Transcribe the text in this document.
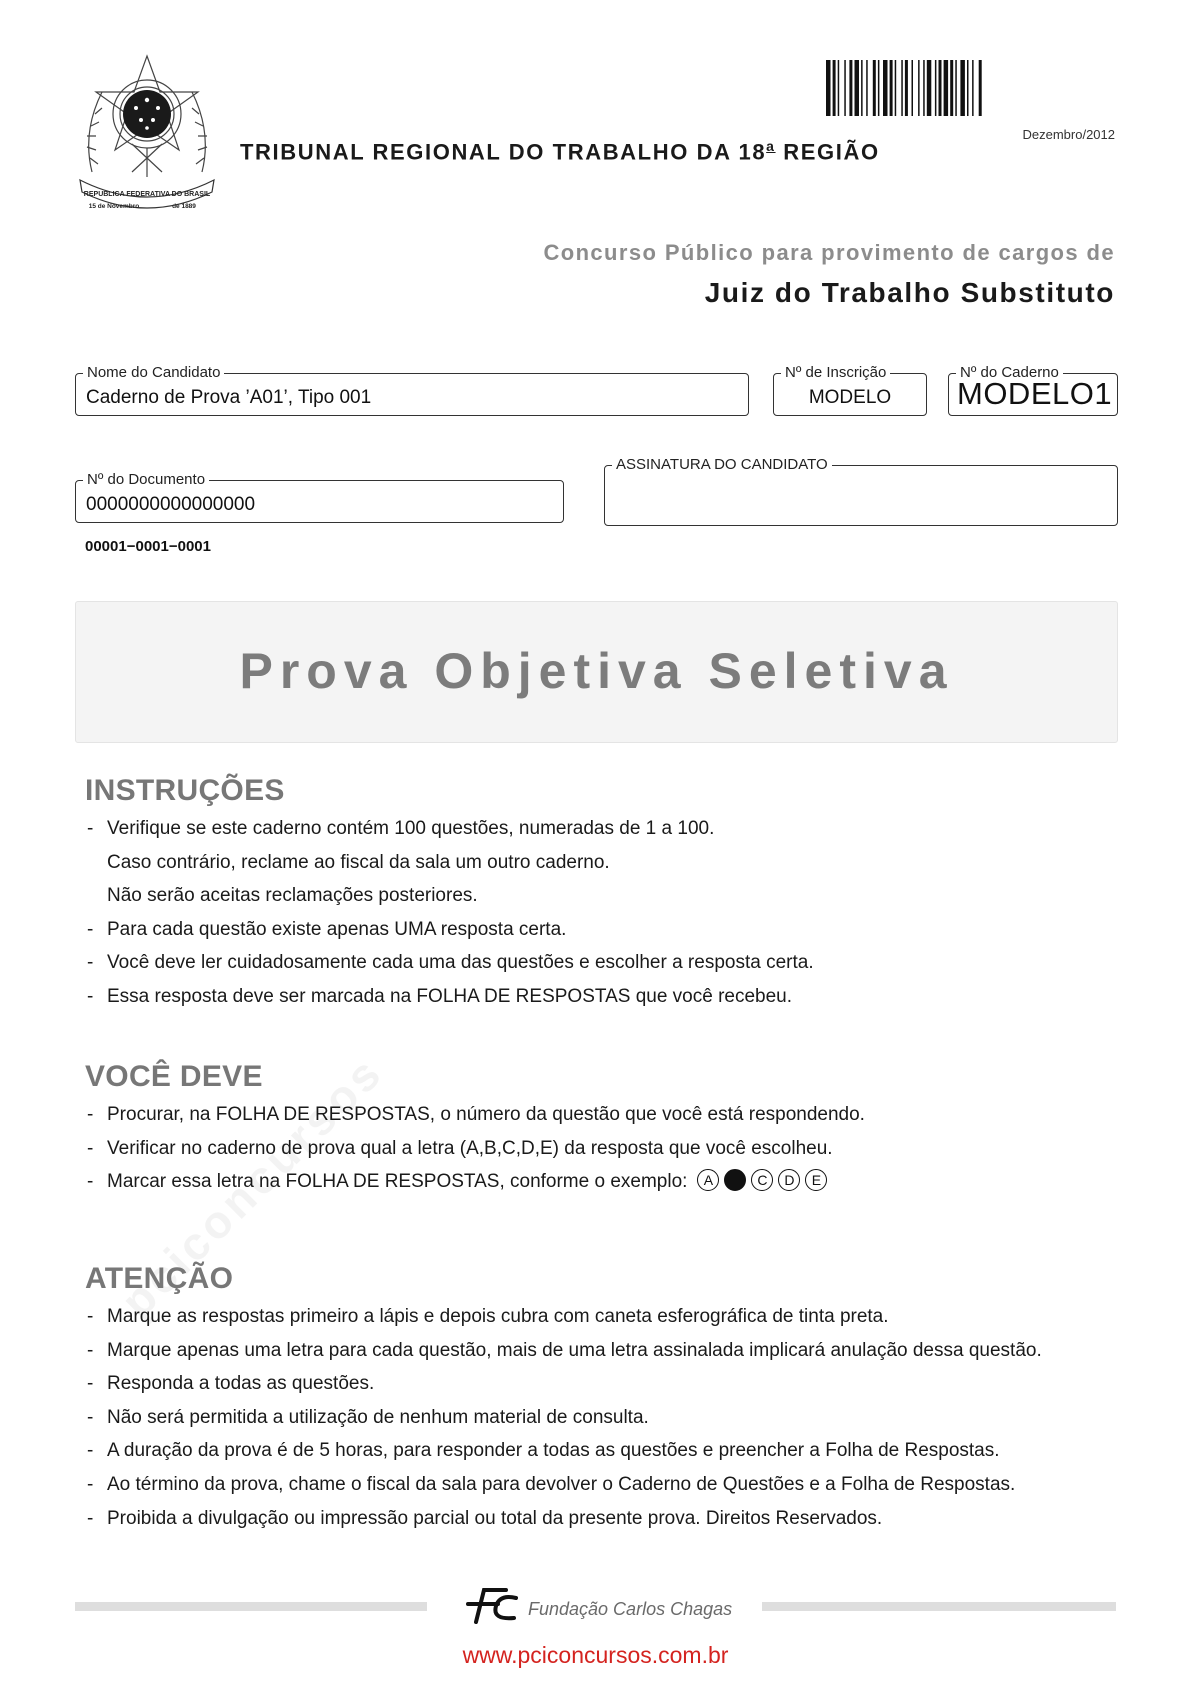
REPUBLICA FEDERATIVA DO BRASIL
15 de Novembro	de 1889
Dezembro/2012
TRIBUNAL REGIONAL DO TRABALHO DA 18$^a$ REGIÃO
Concurso Público para provimento de cargos de
Juiz do Trabalho Substituto
Nome do Candidato
Caderno de Prova ’A01’, Tipo 001
Nº de Inscrição
MODELO
Nº do Caderno
MODELO1
Nº do Documento
0000000000000000
ASSINATURA DO CANDIDATO
00001−0001−0001
Prova Objetiva Seletiva
INSTRUÇÕES
- Verifique se este caderno contém 100 questões, numeradas de 1 a 100.
Caso contrário, reclame ao fiscal da sala um outro caderno.
Não serão aceitas reclamações posteriores.
- Para cada questão existe apenas UMA resposta certa.
- Você deve ler cuidadosamente cada uma das questões e escolher a resposta certa.
- Essa resposta deve ser marcada na FOLHA DE RESPOSTAS que você recebeu.
VOCÊ DEVE
- Procurar, na FOLHA DE RESPOSTAS, o número da questão que você está respondendo.
- Verificar no caderno de prova qual a letra (A,B,C,D,E) da resposta que você escolheu.
- Marcar essa letra na FOLHA DE RESPOSTAS, conforme o exemplo:	A	C	D	E
ATENÇÃO
- Marque as respostas primeiro a lápis e depois cubra com caneta esferográfica de tinta preta.
- Marque apenas uma letra para cada questão, mais de uma letra assinalada implicará anulação dessa questão.
- Responda a todas as questões.
- Não será permitida a utilização de nenhum material de consulta.
- A duração da prova é de 5 horas, para responder a todas as questões e preencher a Folha de Respostas.
- Ao término da prova, chame o fiscal da sala para devolver o Caderno de Questões e a Folha de Respostas.
- Proibida a divulgação ou impressão parcial ou total da presente prova. Direitos Reservados.
Fundação Carlos Chagas
www.pciconcursos.com.br
